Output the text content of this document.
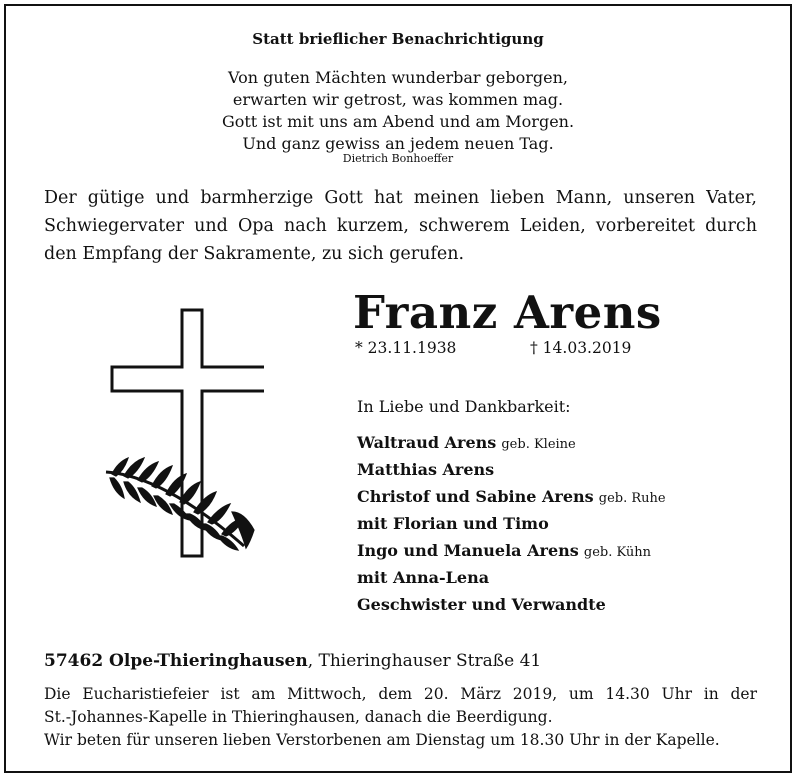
Statt brieflicher Benachrichtigung
Von guten Mächten wunderbar geborgen,
erwarten wir getrost, was kommen mag.
Gott ist mit uns am Abend und am Morgen.
Und ganz gewiss an jedem neuen Tag.
Dietrich Bonhoeffer
Der gütige und barmherzige Gott hat meinen lieben Mann, unseren Vater, Schwiegervater und Opa nach kurzem, schwerem Leiden, vorbereitet durch den Empfang der Sakramente, zu sich gerufen.
Franz Arens
* 23.11.1938	† 14.03.2019
In Liebe und Dankbarkeit:
Waltraud Arens geb. Kleine
Matthias Arens
Christof und Sabine Arens geb. Ruhe
mit Florian und Timo
Ingo und Manuela Arens geb. Kühn
mit Anna-Lena
Geschwister und Verwandte
57462 Olpe-Thieringhausen, Thieringhauser Straße 41
Die Eucharistiefeier ist am Mittwoch, dem 20. März 2019, um 14.30 Uhr in der
St.-Johannes-Kapelle in Thieringhausen, danach die Beerdigung.
Wir beten für unseren lieben Verstorbenen am Dienstag um 18.30 Uhr in der Kapelle.
